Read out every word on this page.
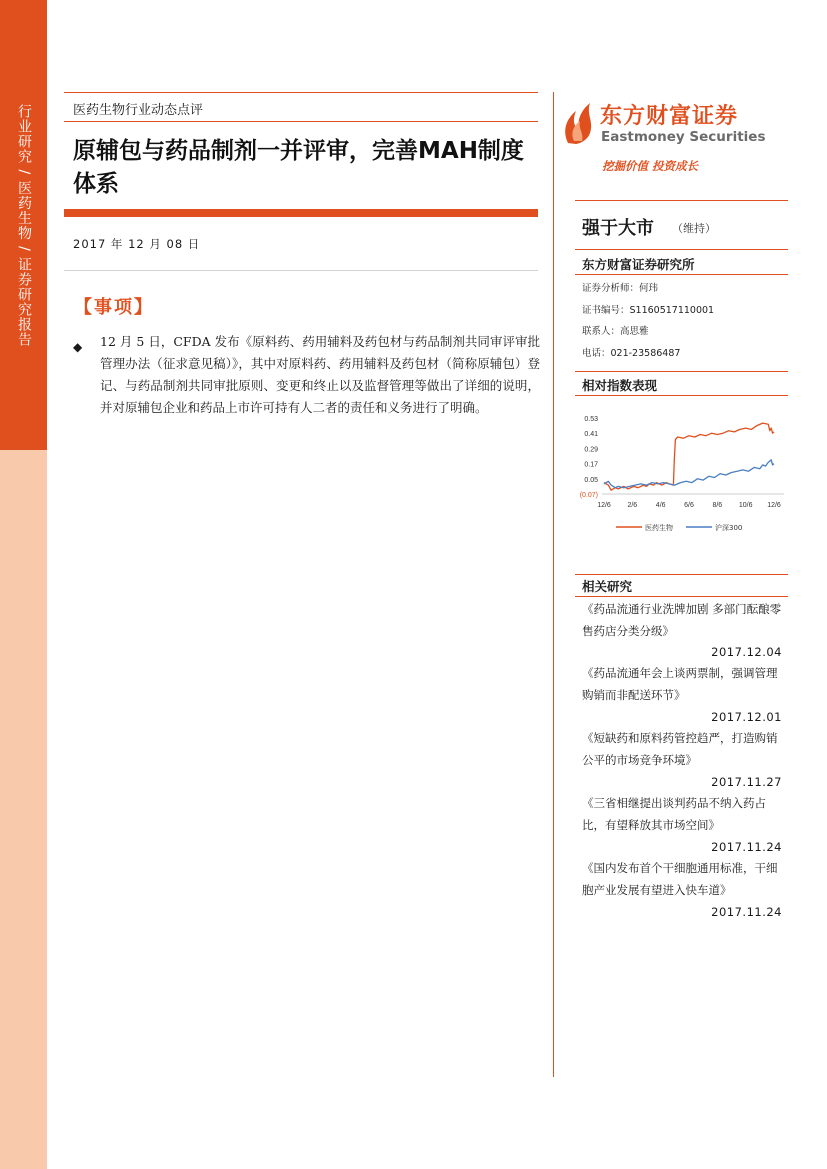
行业研究 / 医药生物 / 证券研究报告	医药生物行业动态点评
原辅包与药品制剂一并评审，完善MAH制度体系
2017 年 12 月 08 日
【事项】
◆ 12 月 5 日，CFDA 发布《原料药、药用辅料及药包材与药品制剂共同审评审批管理办法（征求意见稿）》，其中对原料药、药用辅料及药包材（简称原辅包）登记、与药品制剂共同审批原则、变更和终止以及监督管理等做出了详细的说明，并对原辅包企业和药品上市许可持有人二者的责任和义务进行了明确。
东方财富证券
Eastmoney Securities
挖掘价值 投资成长
强于大市 （维持）
东方财富证券研究所
证券分析师：何玮
证书编号：S1160517110001
联系人：高思雅
电话：021-23586487
相对指数表现
0.53
0.41
0.29
0.17
0.05
(0.07)
12/6 2/6	4/6	6/6	8/6 10/6 12/6
医药生物	沪深300
相关研究
《药品流通行业洗牌加剧 多部门酝酿零售药店分类分级》
2017.12.04
《药品流通年会上谈两票制，强调管理购销而非配送环节》
2017.12.01
《短缺药和原料药管控趋严，打造购销公平的市场竞争环境》
2017.11.27
《三省相继提出谈判药品不纳入药占比，有望释放其市场空间》
2017.11.24
《国内发布首个干细胞通用标准，干细胞产业发展有望进入快车道》
2017.11.24
